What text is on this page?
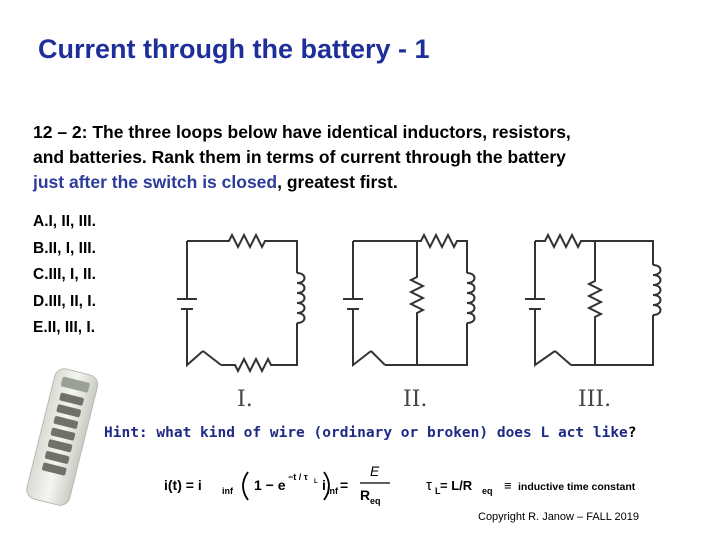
Current through the battery - 1
12 – 2: The three loops below have identical inductors, resistors,
and batteries. Rank them in terms of current through the battery
just after the switch is closed, greatest first.
A.I, II, III.
B.II, I, III.
C.III, I, II.
D.III, II, I.
E.II, III, I.
I.	II.	III.
Hint: what kind of wire (ordinary or broken) does L act like?
i(t) = i inf 1 − e −t / τ L i inf =
E
R eq
τ L = L/R eq ≡ inductive time constant
Copyright R. Janow – FALL 2019
